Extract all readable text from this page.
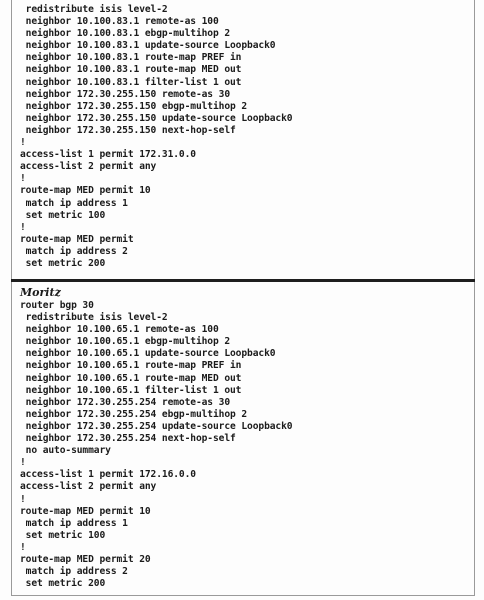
redistribute isis level-2
neighbor 10.100.83.1 remote-as 100
neighbor 10.100.83.1 ebgp-multihop 2
neighbor 10.100.83.1 update-source Loopback0
neighbor 10.100.83.1 route-map PREF in
neighbor 10.100.83.1 route-map MED out
neighbor 10.100.83.1 filter-list 1 out
neighbor 172.30.255.150 remote-as 30
neighbor 172.30.255.150 ebgp-multihop 2
neighbor 172.30.255.150 update-source Loopback0
neighbor 172.30.255.150 next-hop-self
!
access-list 1 permit 172.31.0.0
access-list 2 permit any
!
route-map MED permit 10
match ip address 1
set metric 100
!
route-map MED permit
match ip address 2
set metric 200

Moritz

router bgp 30
redistribute isis level-2
neighbor 10.100.65.1 remote-as 100
neighbor 10.100.65.1 ebgp-multihop 2
neighbor 10.100.65.1 update-source Loopback0
neighbor 10.100.65.1 route-map PREF in
neighbor 10.100.65.1 route-map MED out
neighbor 10.100.65.1 filter-list 1 out
neighbor 172.30.255.254 remote-as 30
neighbor 172.30.255.254 ebgp-multihop 2
neighbor 172.30.255.254 update-source Loopback0
neighbor 172.30.255.254 next-hop-self
no auto-summary
!
access-list 1 permit 172.16.0.0
access-list 2 permit any
!
route-map MED permit 10
match ip address 1
set metric 100
!
route-map MED permit 20
match ip address 2
set metric 200
